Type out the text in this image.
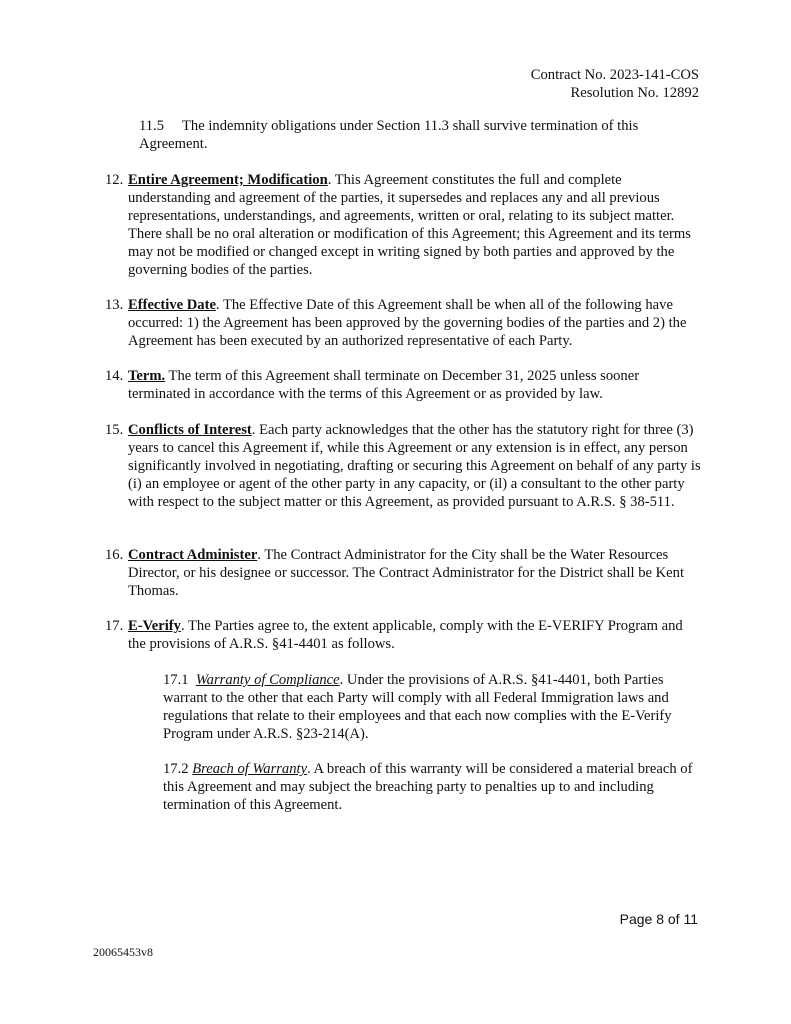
Contract No. 2023-141-COS
Resolution No. 12892
11.5 The indemnity obligations under Section 11.3 shall survive termination of this Agreement.
12. Entire Agreement; Modification. This Agreement constitutes the full and complete understanding and agreement of the parties, it supersedes and replaces any and all previous representations, understandings, and agreements, written or oral, relating to its subject matter. There shall be no oral alteration or modification of this Agreement; this Agreement and its terms may not be modified or changed except in writing signed by both parties and approved by the governing bodies of the parties.
13. Effective Date. The Effective Date of this Agreement shall be when all of the following have occurred: 1) the Agreement has been approved by the governing bodies of the parties and 2) the Agreement has been executed by an authorized representative of each Party.
14. Term. The term of this Agreement shall terminate on December 31, 2025 unless sooner terminated in accordance with the terms of this Agreement or as provided by law.
15. Conflicts of Interest. Each party acknowledges that the other has the statutory right for three (3) years to cancel this Agreement if, while this Agreement or any extension is in effect, any person significantly involved in negotiating, drafting or securing this Agreement on behalf of any party is (i) an employee or agent of the other party in any capacity, or (il) a consultant to the other party with respect to the subject matter or this Agreement, as provided pursuant to A.R.S. § 38-511.
16. Contract Administer. The Contract Administrator for the City shall be the Water Resources Director, or his designee or successor. The Contract Administrator for the District shall be Kent Thomas.
17. E-Verify. The Parties agree to, the extent applicable, comply with the E-VERIFY Program and the provisions of A.R.S. §41-4401 as follows.
17.1 Warranty of Compliance. Under the provisions of A.R.S. §41-4401, both Parties warrant to the other that each Party will comply with all Federal Immigration laws and regulations that relate to their employees and that each now complies with the E-Verify Program under A.R.S. §23-214(A).
17.2 Breach of Warranty. A breach of this warranty will be considered a material breach of this Agreement and may subject the breaching party to penalties up to and including termination of this Agreement.
Page 8 of 11
20065453v8
